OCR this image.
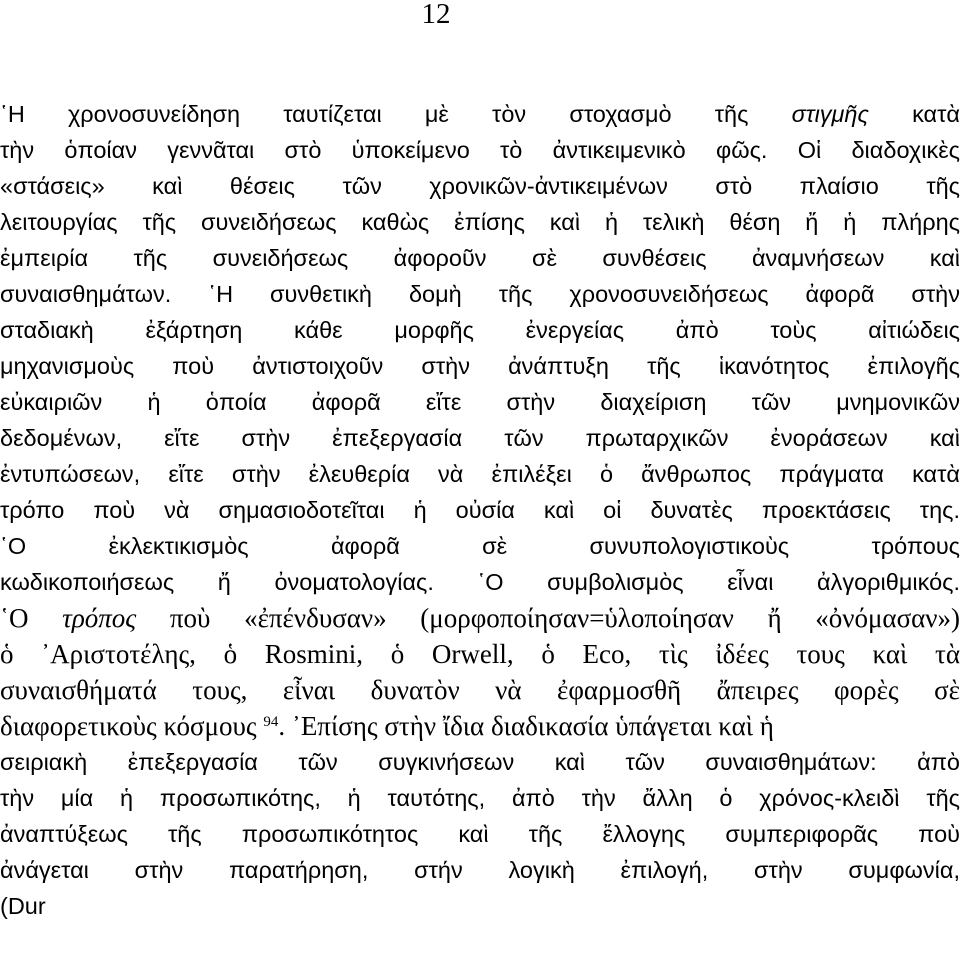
12
῾Η χρονοσυνείδηση ταυτίζεται μὲ τὸν στοχασμὸ τῆς στιγμῆς κατὰ
τὴν ὁποίαν γεννᾶται στὸ ὑποκείμενο τὸ ἀντικειμενικὸ φῶς. Οἱ διαδοχικὲς
«στάσεις» καὶ θέσεις τῶν χρονικῶν-ἀντικειμένων στὸ πλαίσιο τῆς
λειτουργίας τῆς συνειδήσεως καθὼς ἐπίσης καὶ ἡ τελικὴ θέση ἤ ἡ πλήρης
ἐμπειρία τῆς συνειδήσεως ἀφοροῦν σὲ συνθέσεις ἀναμνήσεων καὶ
συναισθημάτων. ῾Η συνθετικὴ δομὴ τῆς χρονοσυνειδήσεως ἀφορᾶ στὴν
σταδιακὴ ἐξάρτηση κάθε μορφῆς ἐνεργείας ἀπὸ τοὺς αἰτιώδεις
μηχανισμοὺς ποὺ ἀντιστοιχοῦν στὴν ἀνάπτυξη τῆς ἱκανότητος ἐπιλογῆς
εὐκαιριῶν ἡ ὁποία ἀφορᾶ εἴτε στὴν διαχείριση τῶν μνημονικῶν
δεδομένων, εἴτε στὴν ἐπεξεργασία τῶν πρωταρχικῶν ἐνοράσεων καὶ
ἐντυπώσεων, εἴτε στὴν ἐλευθερία νὰ ἐπιλέξει ὁ ἄνθρωπος πράγματα κατὰ
τρόπο ποὺ νὰ σημασιοδοτεῖται ἡ οὐσία καὶ οἱ δυνατὲς προεκτάσεις της.
῾Ο ἐκλεκτικισμὸς ἀφορᾶ σὲ συνυπολογιστικοὺς τρόπους
κωδικοποιήσεως ἤ ὀνοματολογίας. ῾Ο συμβολισμὸς εἶναι ἀλγοριθμικός.
῾Ο τρόπος ποὺ «ἐπένδυσαν» (μορφοποίησαν=ὑλοποίησαν ἤ «ὀνόμασαν»)
ὁ ᾿Αριστοτέλης, ὁ Rosmini, ὁ Orwell, ὁ Eco, τὶς ἰδέες τους καὶ τὰ
συναισθήματά τους, εἶναι δυνατὸν νὰ ἐφαρμοσθῆ ἄπειρες φορὲς σὲ
διαφορετικοὺς κόσμους $^{94}$. ᾿Επίσης στὴν ἴδια διαδικασία ὑπάγεται καὶ ἡ
σειριακὴ ἐπεξεργασία τῶν συγκινήσεων καὶ τῶν συναισθημάτων: ἀπὸ
τὴν μία ἡ προσωπικότης, ἡ ταυτότης, ἀπὸ τὴν ἄλλη ὁ χρόνος-κλειδὶ τῆς
ἀναπτύξεως τῆς προσωπικότητος καὶ τῆς ἔλλογης συμπεριφορᾶς ποὺ
ἀνάγεται στὴν παρατήρηση, στήν λογικὴ ἐπιλογή, στὴν συμφωνία,
(Dur
